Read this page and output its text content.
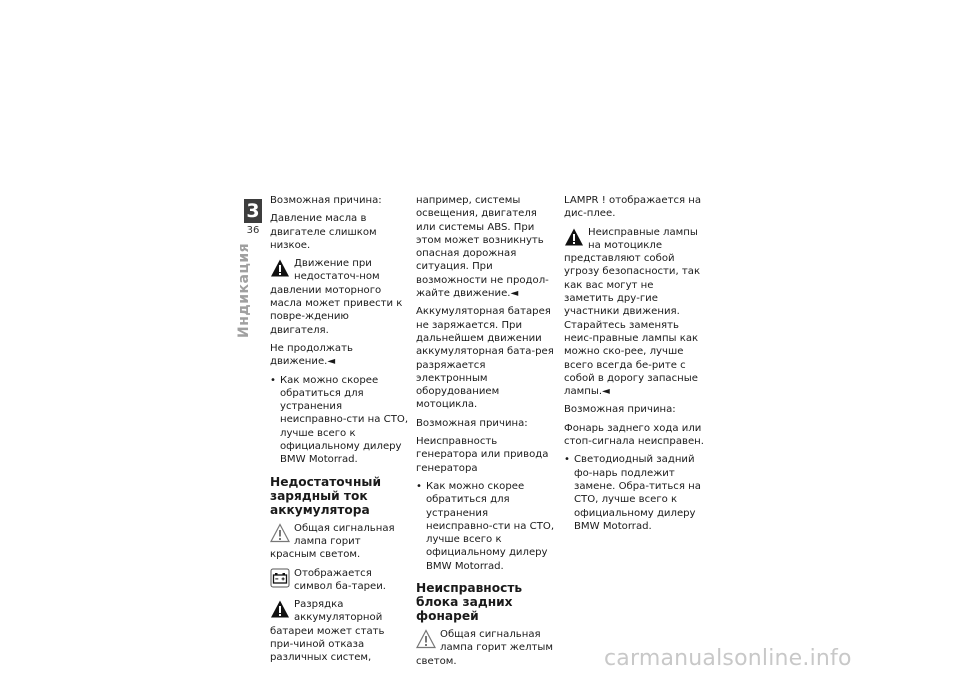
3
36
Индикация

Возможная причина:

Давление масла в двигателе слишком низкое.

Движение при недостаточ-ном давлении моторного масла может привести к повре-ждению двигателя.

Не продолжать движение.◄

• Как можно скорее обратиться для устранения неисправно-сти на СТО, лучше всего к официальному дилеру BMW Motorrad.
Недостаточный зарядный ток аккумулятора
Общая сигнальная лампа горит красным светом.
Отображается символ ба-тареи.
Разрядка аккумуляторной батареи может стать при-чиной отказа различных систем,

например, системы освещения, двигателя или системы ABS. При этом может возникнуть опасная дорожная ситуация. При возможности не продол-жайте движение.◄

Аккумуляторная батарея не заряжается. При дальнейшем движении аккумуляторная бата-рея разряжается электронным оборудованием мотоцикла.

Возможная причина:

Неисправность генератора или привода генератора

• Как можно скорее обратиться для устранения неисправно-сти на СТО, лучше всего к официальному дилеру BMW Motorrad.
Неисправность блока задних фонарей
Общая сигнальная лампа горит желтым светом.

LAMPR ! отображается на дис-плее.

Неисправные лампы на мотоцикле представляют собой угрозу безопасности, так как вас могут не заметить дру-гие участники движения. Старайтесь заменять неис-правные лампы как можно ско-рее, лучше всего всегда бе-рите с собой в дорогу запасные лампы.◄

Возможная причина:

Фонарь заднего хода или стоп-сигнала неисправен.

• Светодиодный задний фо-нарь подлежит замене. Обра-титься на СТО, лучше всего к официальному дилеру BMW Motorrad.
carmanualsonline.info
